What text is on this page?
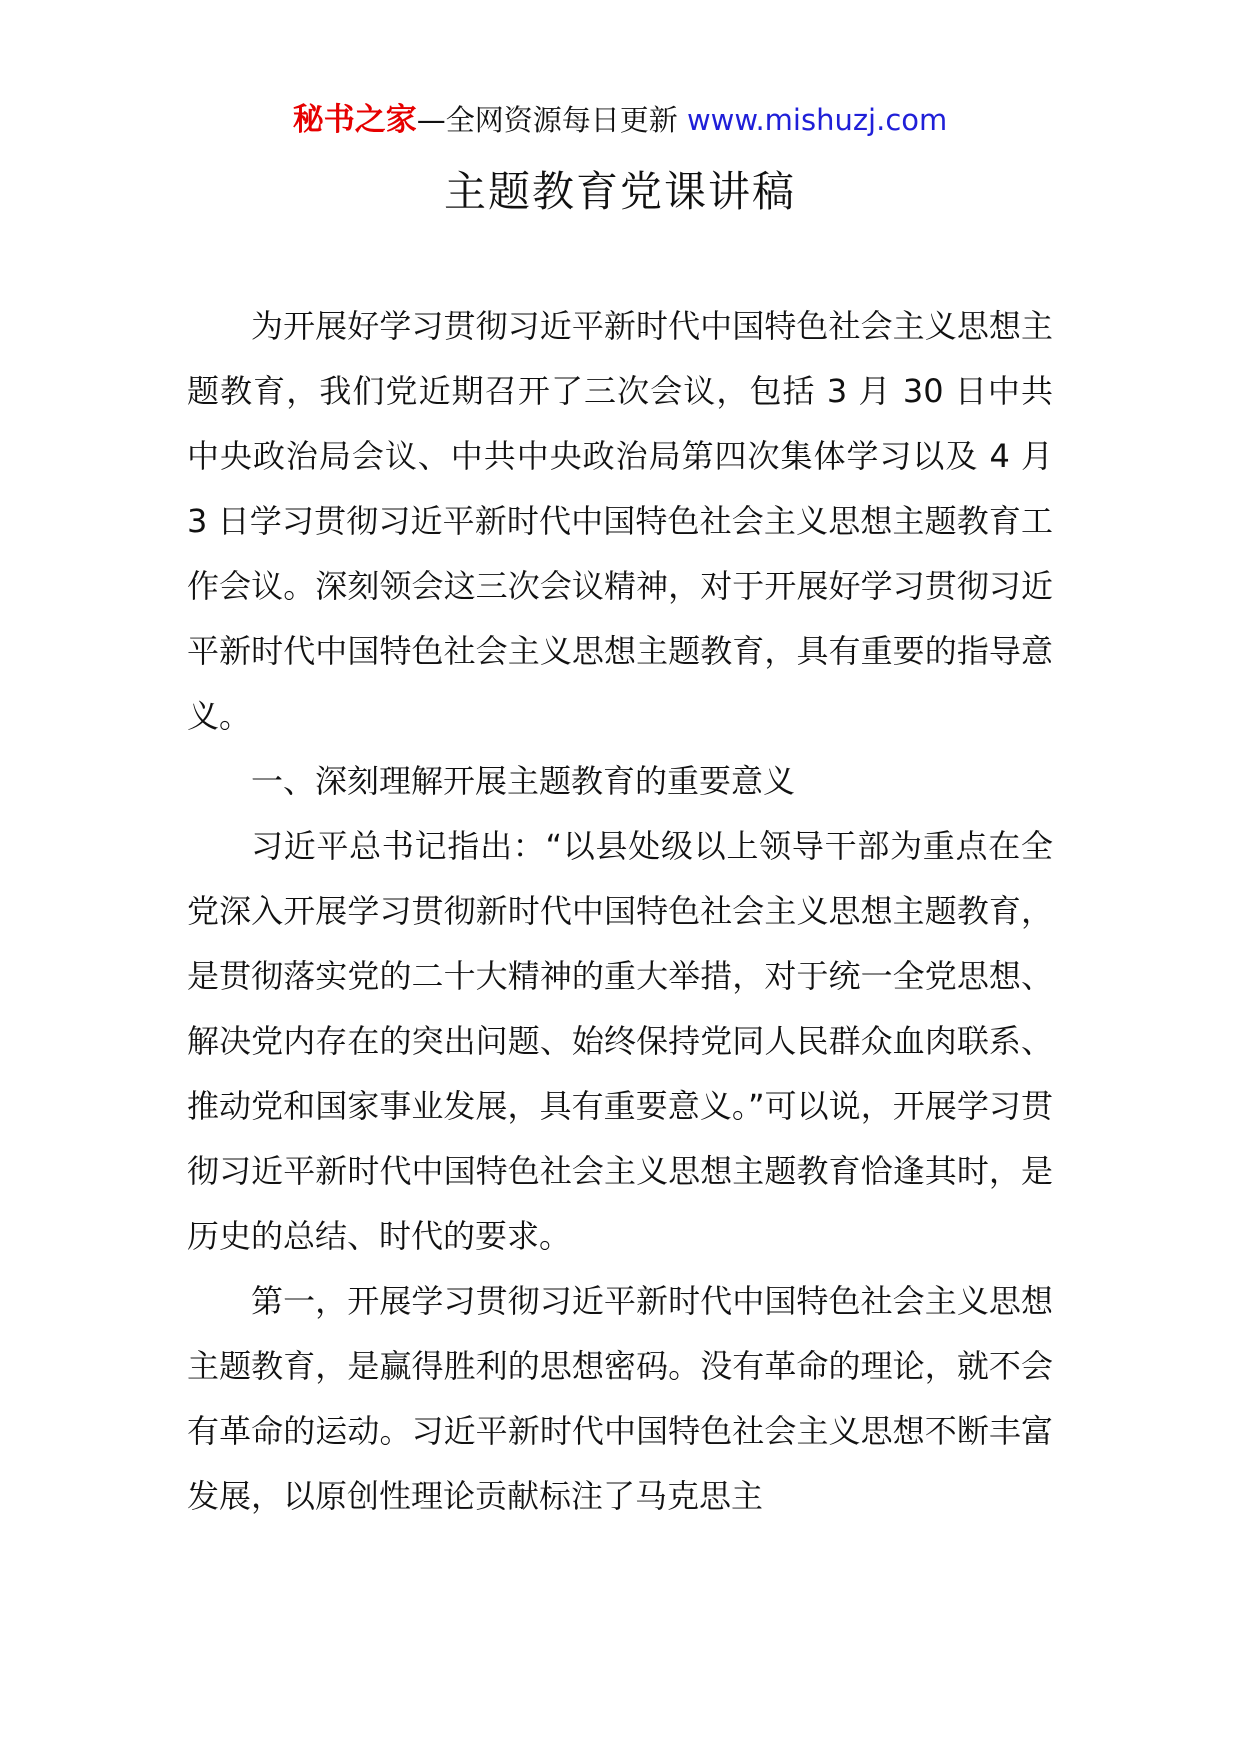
秘书之家—全网资源每日更新 www.mishuzj.com
主题教育党课讲稿

为开展好学习贯彻习近平新时代中国特色社会主义思想主题教育，我们党近期召开了三次会议，包括 3 月 30 日中共中央政治局会议、中共中央政治局第四次集体学习以及 4 月 3 日学习贯彻习近平新时代中国特色社会主义思想主题教育工作会议。深刻领会这三次会议精神，对于开展好学习贯彻习近平新时代中国特色社会主义思想主题教育，具有重要的指导意义。

一、深刻理解开展主题教育的重要意义

习近平总书记指出：“以县处级以上领导干部为重点在全党深入开展学习贯彻新时代中国特色社会主义思想主题教育，是贯彻落实党的二十大精神的重大举措，对于统一全党思想、解决党内存在的突出问题、始终保持党同人民群众血肉联系、推动党和国家事业发展，具有重要意义。”可以说，开展学习贯彻习近平新时代中国特色社会主义思想主题教育恰逢其时，是历史的总结、时代的要求。

第一，开展学习贯彻习近平新时代中国特色社会主义思想主题教育，是赢得胜利的思想密码。没有革命的理论，就不会有革命的运动。习近平新时代中国特色社会主义思想不断丰富发展，以原创性理论贡献标注了马克思主
